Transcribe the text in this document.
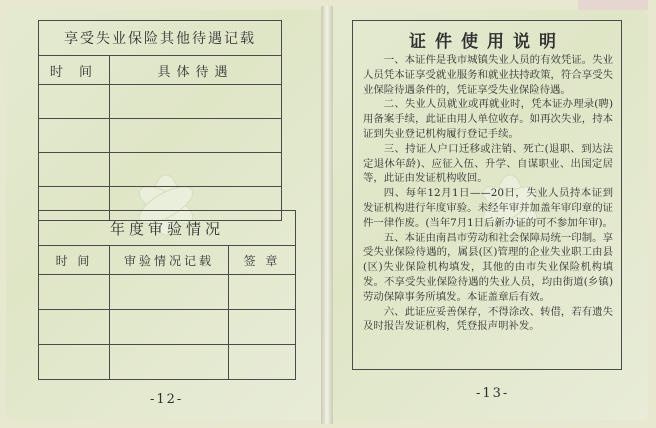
享受失业保险其他待遇记载	
时 间	具体待遇

年度审验情况		
时 间	审验情况记载	签 章

-12-
证件使用说明

一、本证件是我市城镇失业人员的有效凭证。失业人员凭本证享受就业服务和就业扶持政策，符合享受失业保险待遇条件的，凭证享受失业保险待遇。

二、失业人员就业或再就业时，凭本证办理录(聘)用备案手续，此证由用人单位收存。如再次失业，持本证到失业登记机构履行登记手续。

三、持证人户口迁移或注销、死亡(退职、到达法定退休年龄)、应征入伍、升学、自谋职业、出国定居等，此证由发证机构收回。

四、每年12月1日——20日，失业人员持本证到发证机构进行年度审验。未经年审并加盖年审印章的证件一律作废。(当年7月1日后新办证的可不参加年审)。

五、本证由南昌市劳动和社会保障局统一印制。享受失业保险待遇的，属县(区)管理的企业失业职工由县(区)失业保险机构填发，其他的由市失业保险机构填发。不享受失业保险待遇的失业人员，均由街道(乡镇)劳动保障事务所填发。本证盖章后有效。

六、此证应妥善保存，不得涂改、转借，若有遗失及时报告发证机构，凭登报声明补发。

-13-
